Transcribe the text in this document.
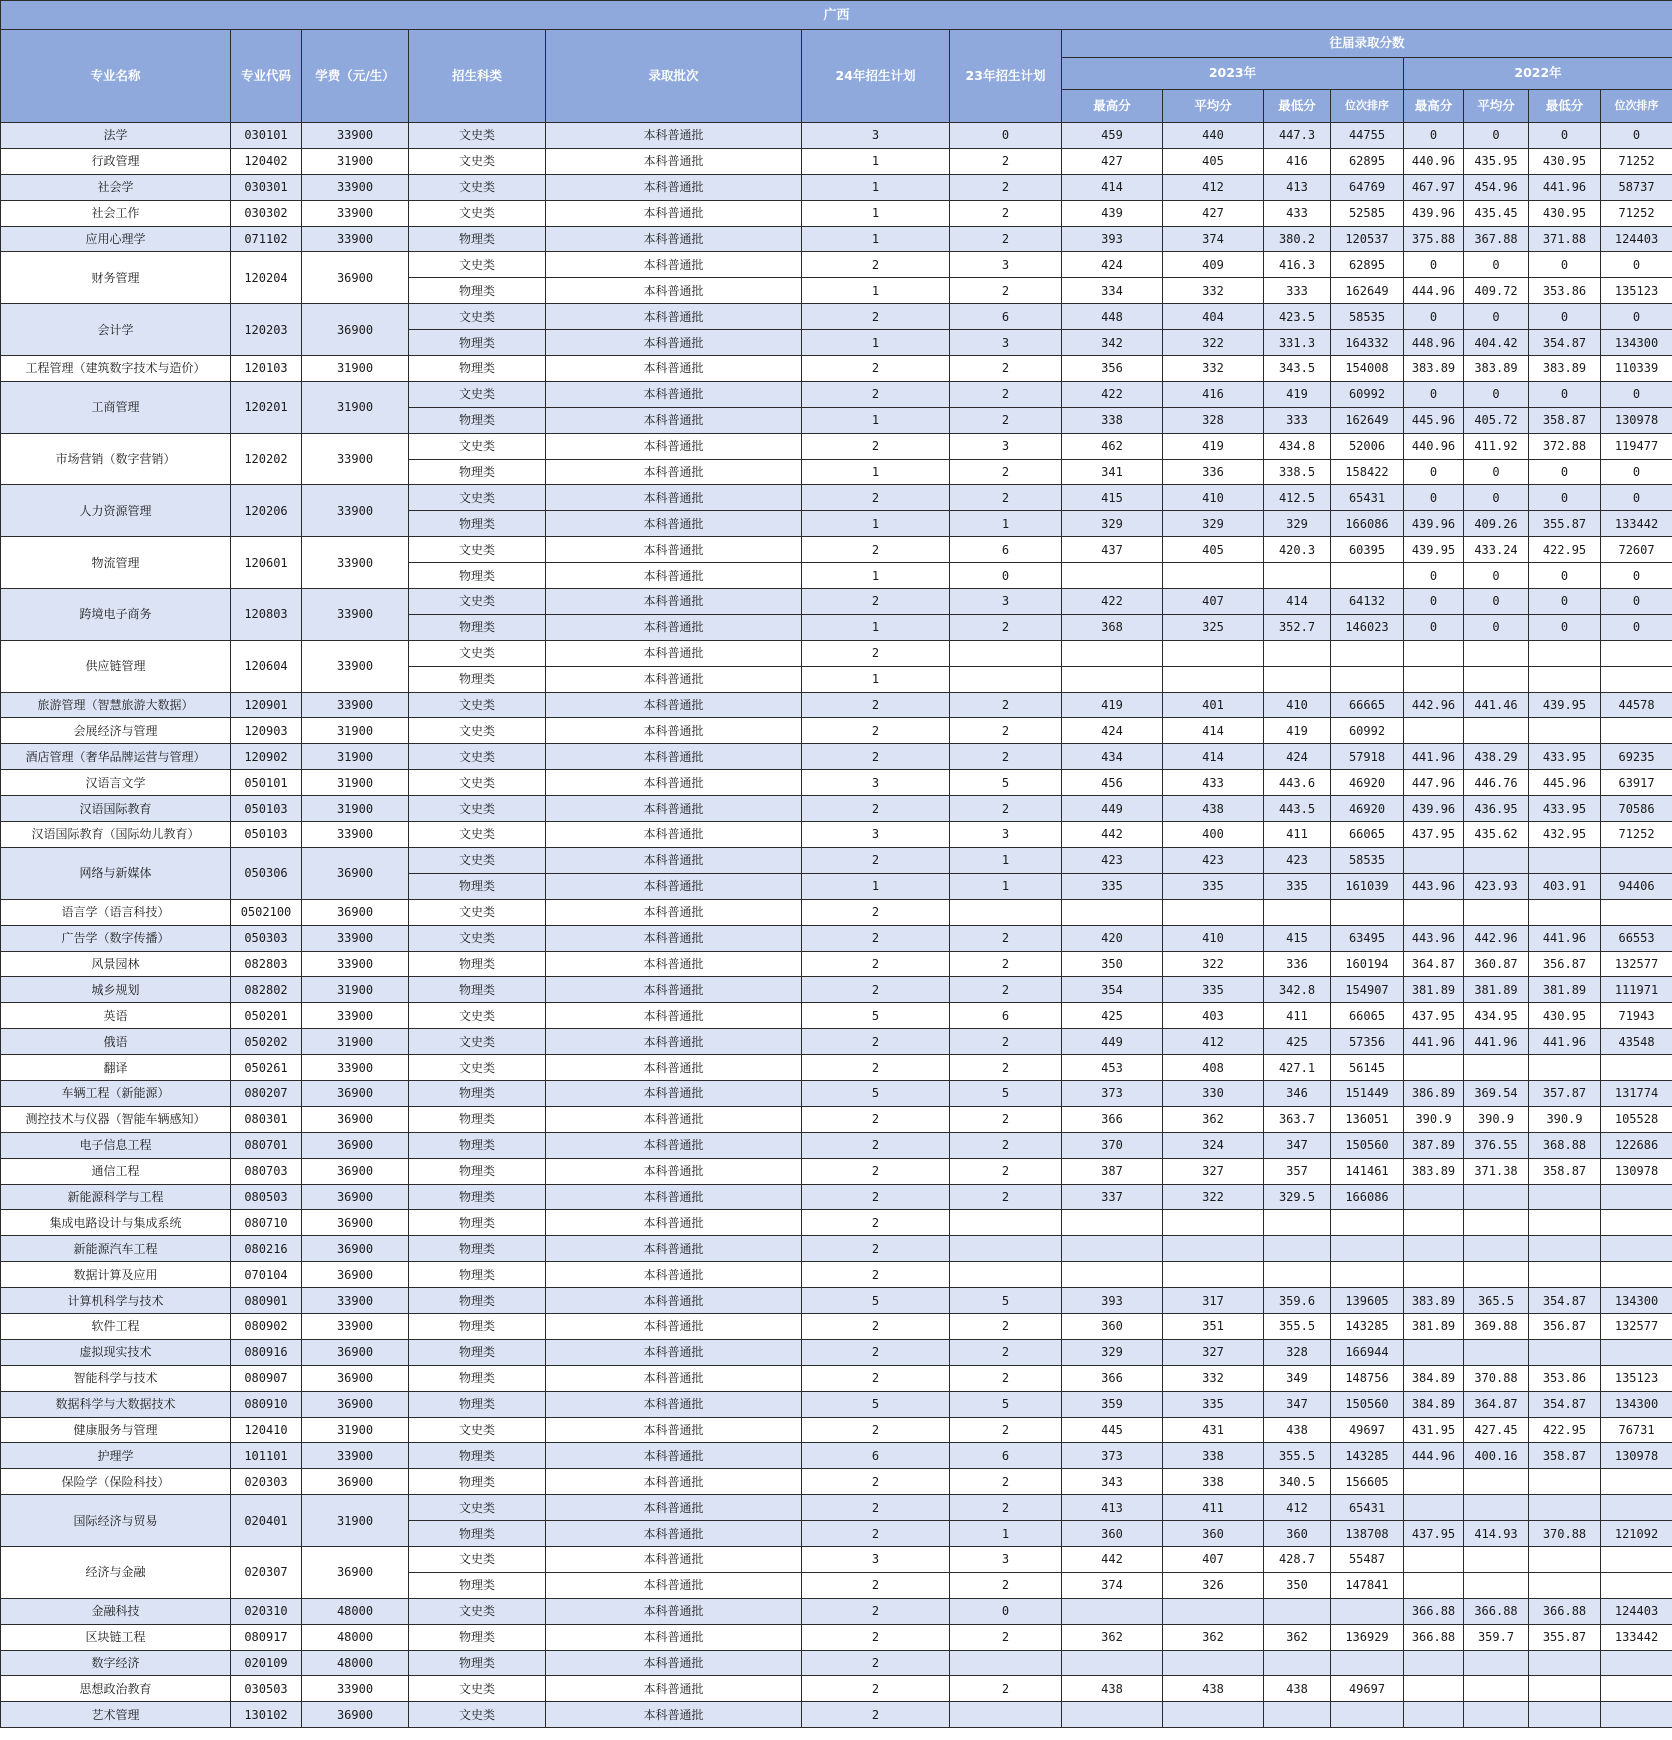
广西														
专业名称	专业代码	学费（元/生）	招生科类	录取批次	24年招生计划	23年招生计划	往届录取分数							
							2023年				2022年			
							最高分	平均分	最低分	位次排序	最高分	平均分	最低分	位次排序
法学	030101	33900	文史类	本科普通批	3	0	459	440	447.3	44755	0	0	0	0
行政管理	120402	31900	文史类	本科普通批	1	2	427	405	416	62895	440.96	435.95	430.95	71252
社会学	030301	33900	文史类	本科普通批	1	2	414	412	413	64769	467.97	454.96	441.96	58737
社会工作	030302	33900	文史类	本科普通批	1	2	439	427	433	52585	439.96	435.45	430.95	71252
应用心理学	071102	33900	物理类	本科普通批	1	2	393	374	380.2	120537	375.88	367.88	371.88	124403
财务管理	120204	36900	文史类	本科普通批	2	3	424	409	416.3	62895	0	0	0	0
			物理类	本科普通批	1	2	334	332	333	162649	444.96	409.72	353.86	135123
会计学	120203	36900	文史类	本科普通批	2	6	448	404	423.5	58535	0	0	0	0
			物理类	本科普通批	1	3	342	322	331.3	164332	448.96	404.42	354.87	134300
工程管理（建筑数字技术与造价）	120103	31900	物理类	本科普通批	2	2	356	332	343.5	154008	383.89	383.89	383.89	110339
工商管理	120201	31900	文史类	本科普通批	2	2	422	416	419	60992	0	0	0	0
			物理类	本科普通批	1	2	338	328	333	162649	445.96	405.72	358.87	130978
市场营销（数字营销）	120202	33900	文史类	本科普通批	2	3	462	419	434.8	52006	440.96	411.92	372.88	119477
			物理类	本科普通批	1	2	341	336	338.5	158422	0	0	0	0
人力资源管理	120206	33900	文史类	本科普通批	2	2	415	410	412.5	65431	0	0	0	0
			物理类	本科普通批	1	1	329	329	329	166086	439.96	409.26	355.87	133442
物流管理	120601	33900	文史类	本科普通批	2	6	437	405	420.3	60395	439.95	433.24	422.95	72607
			物理类	本科普通批	1	0					0	0	0	0
跨境电子商务	120803	33900	文史类	本科普通批	2	3	422	407	414	64132	0	0	0	0
			物理类	本科普通批	1	2	368	325	352.7	146023	0	0	0	0
供应链管理	120604	33900	文史类	本科普通批	2									
			物理类	本科普通批	1									
旅游管理（智慧旅游大数据）	120901	33900	文史类	本科普通批	2	2	419	401	410	66665	442.96	441.46	439.95	44578
会展经济与管理	120903	31900	文史类	本科普通批	2	2	424	414	419	60992				
酒店管理（奢华品牌运营与管理）	120902	31900	文史类	本科普通批	2	2	434	414	424	57918	441.96	438.29	433.95	69235
汉语言文学	050101	31900	文史类	本科普通批	3	5	456	433	443.6	46920	447.96	446.76	445.96	63917
汉语国际教育	050103	31900	文史类	本科普通批	2	2	449	438	443.5	46920	439.96	436.95	433.95	70586
汉语国际教育（国际幼儿教育）	050103	33900	文史类	本科普通批	3	3	442	400	411	66065	437.95	435.62	432.95	71252
网络与新媒体	050306	36900	文史类	本科普通批	2	1	423	423	423	58535				
			物理类	本科普通批	1	1	335	335	335	161039	443.96	423.93	403.91	94406
语言学（语言科技）	0502100	36900	文史类	本科普通批	2									
广告学（数字传播）	050303	33900	文史类	本科普通批	2	2	420	410	415	63495	443.96	442.96	441.96	66553
风景园林	082803	33900	物理类	本科普通批	2	2	350	322	336	160194	364.87	360.87	356.87	132577
城乡规划	082802	31900	物理类	本科普通批	2	2	354	335	342.8	154907	381.89	381.89	381.89	111971
英语	050201	33900	文史类	本科普通批	5	6	425	403	411	66065	437.95	434.95	430.95	71943
俄语	050202	31900	文史类	本科普通批	2	2	449	412	425	57356	441.96	441.96	441.96	43548
翻译	050261	33900	文史类	本科普通批	2	2	453	408	427.1	56145				
车辆工程（新能源）	080207	36900	物理类	本科普通批	5	5	373	330	346	151449	386.89	369.54	357.87	131774
测控技术与仪器（智能车辆感知）	080301	36900	物理类	本科普通批	2	2	366	362	363.7	136051	390.9	390.9	390.9	105528
电子信息工程	080701	36900	物理类	本科普通批	2	2	370	324	347	150560	387.89	376.55	368.88	122686
通信工程	080703	36900	物理类	本科普通批	2	2	387	327	357	141461	383.89	371.38	358.87	130978
新能源科学与工程	080503	36900	物理类	本科普通批	2	2	337	322	329.5	166086				
集成电路设计与集成系统	080710	36900	物理类	本科普通批	2									
新能源汽车工程	080216	36900	物理类	本科普通批	2									
数据计算及应用	070104	36900	物理类	本科普通批	2									
计算机科学与技术	080901	33900	物理类	本科普通批	5	5	393	317	359.6	139605	383.89	365.5	354.87	134300
软件工程	080902	33900	物理类	本科普通批	2	2	360	351	355.5	143285	381.89	369.88	356.87	132577
虚拟现实技术	080916	36900	物理类	本科普通批	2	2	329	327	328	166944				
智能科学与技术	080907	36900	物理类	本科普通批	2	2	366	332	349	148756	384.89	370.88	353.86	135123
数据科学与大数据技术	080910	36900	物理类	本科普通批	5	5	359	335	347	150560	384.89	364.87	354.87	134300
健康服务与管理	120410	31900	文史类	本科普通批	2	2	445	431	438	49697	431.95	427.45	422.95	76731
护理学	101101	33900	物理类	本科普通批	6	6	373	338	355.5	143285	444.96	400.16	358.87	130978
保险学（保险科技）	020303	36900	物理类	本科普通批	2	2	343	338	340.5	156605				
国际经济与贸易	020401	31900	文史类	本科普通批	2	2	413	411	412	65431				
			物理类	本科普通批	2	1	360	360	360	138708	437.95	414.93	370.88	121092
经济与金融	020307	36900	文史类	本科普通批	3	3	442	407	428.7	55487				
			物理类	本科普通批	2	2	374	326	350	147841				
金融科技	020310	48000	文史类	本科普通批	2	0					366.88	366.88	366.88	124403
区块链工程	080917	48000	物理类	本科普通批	2	2	362	362	362	136929	366.88	359.7	355.87	133442
数字经济	020109	48000	物理类	本科普通批	2									
思想政治教育	030503	33900	文史类	本科普通批	2	2	438	438	438	49697				
艺术管理	130102	36900	文史类	本科普通批	2									
